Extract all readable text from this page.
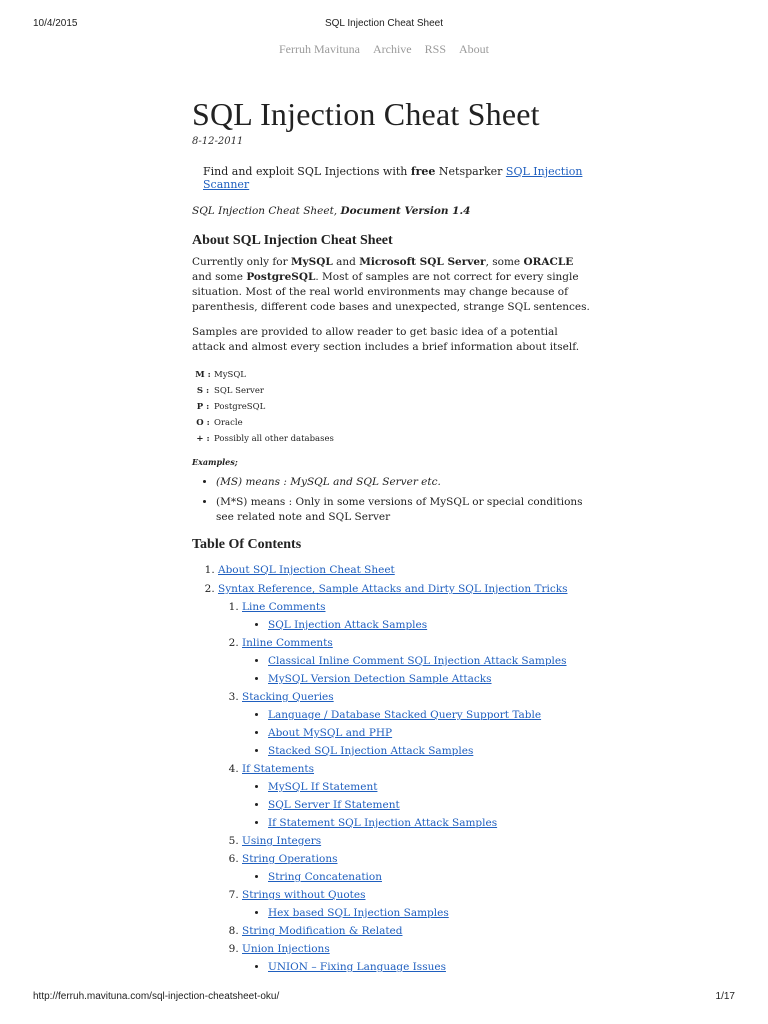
10/4/2015	SQL Injection Cheat Sheet
Ferruh Mavituna Archive RSS About
SQL Injection Cheat Sheet
8-12-2011
Find and exploit SQL Injections with free Netsparker SQL Injection Scanner
SQL Injection Cheat Sheet, Document Version 1.4
About SQL Injection Cheat Sheet

Currently only for MySQL and Microsoft SQL Server, some ORACLE and some PostgreSQL. Most of samples are not correct for every single situation. Most of the real world environments may change because of parenthesis, different code bases and unexpected, strange SQL sentences.

Samples are provided to allow reader to get basic idea of a potential attack and almost every section includes a brief information about itself.

M : MySQL
S : SQL Server
P : PostgreSQL
O : Oracle
+ : Possibly all other databases
Examples;
• (MS) means : MySQL and SQL Server etc.
• (M*S) means : Only in some versions of MySQL or special conditions see related note and SQL Server
Table Of Contents
1. About SQL Injection Cheat Sheet
2. Syntax Reference, Sample Attacks and Dirty SQL Injection Tricks
1. Line Comments
• SQL Injection Attack Samples
2. Inline Comments
• Classical Inline Comment SQL Injection Attack Samples
• MySQL Version Detection Sample Attacks
3. Stacking Queries
• Language / Database Stacked Query Support Table
• About MySQL and PHP
• Stacked SQL Injection Attack Samples
4. If Statements
• MySQL If Statement
• SQL Server If Statement
• If Statement SQL Injection Attack Samples
5. Using Integers
6. String Operations
• String Concatenation
7. Strings without Quotes
• Hex based SQL Injection Samples
8. String Modification & Related
9. Union Injections
• UNION – Fixing Language Issues
http://ferruh.mavituna.com/sql-injection-cheatsheet-oku/	1/17
